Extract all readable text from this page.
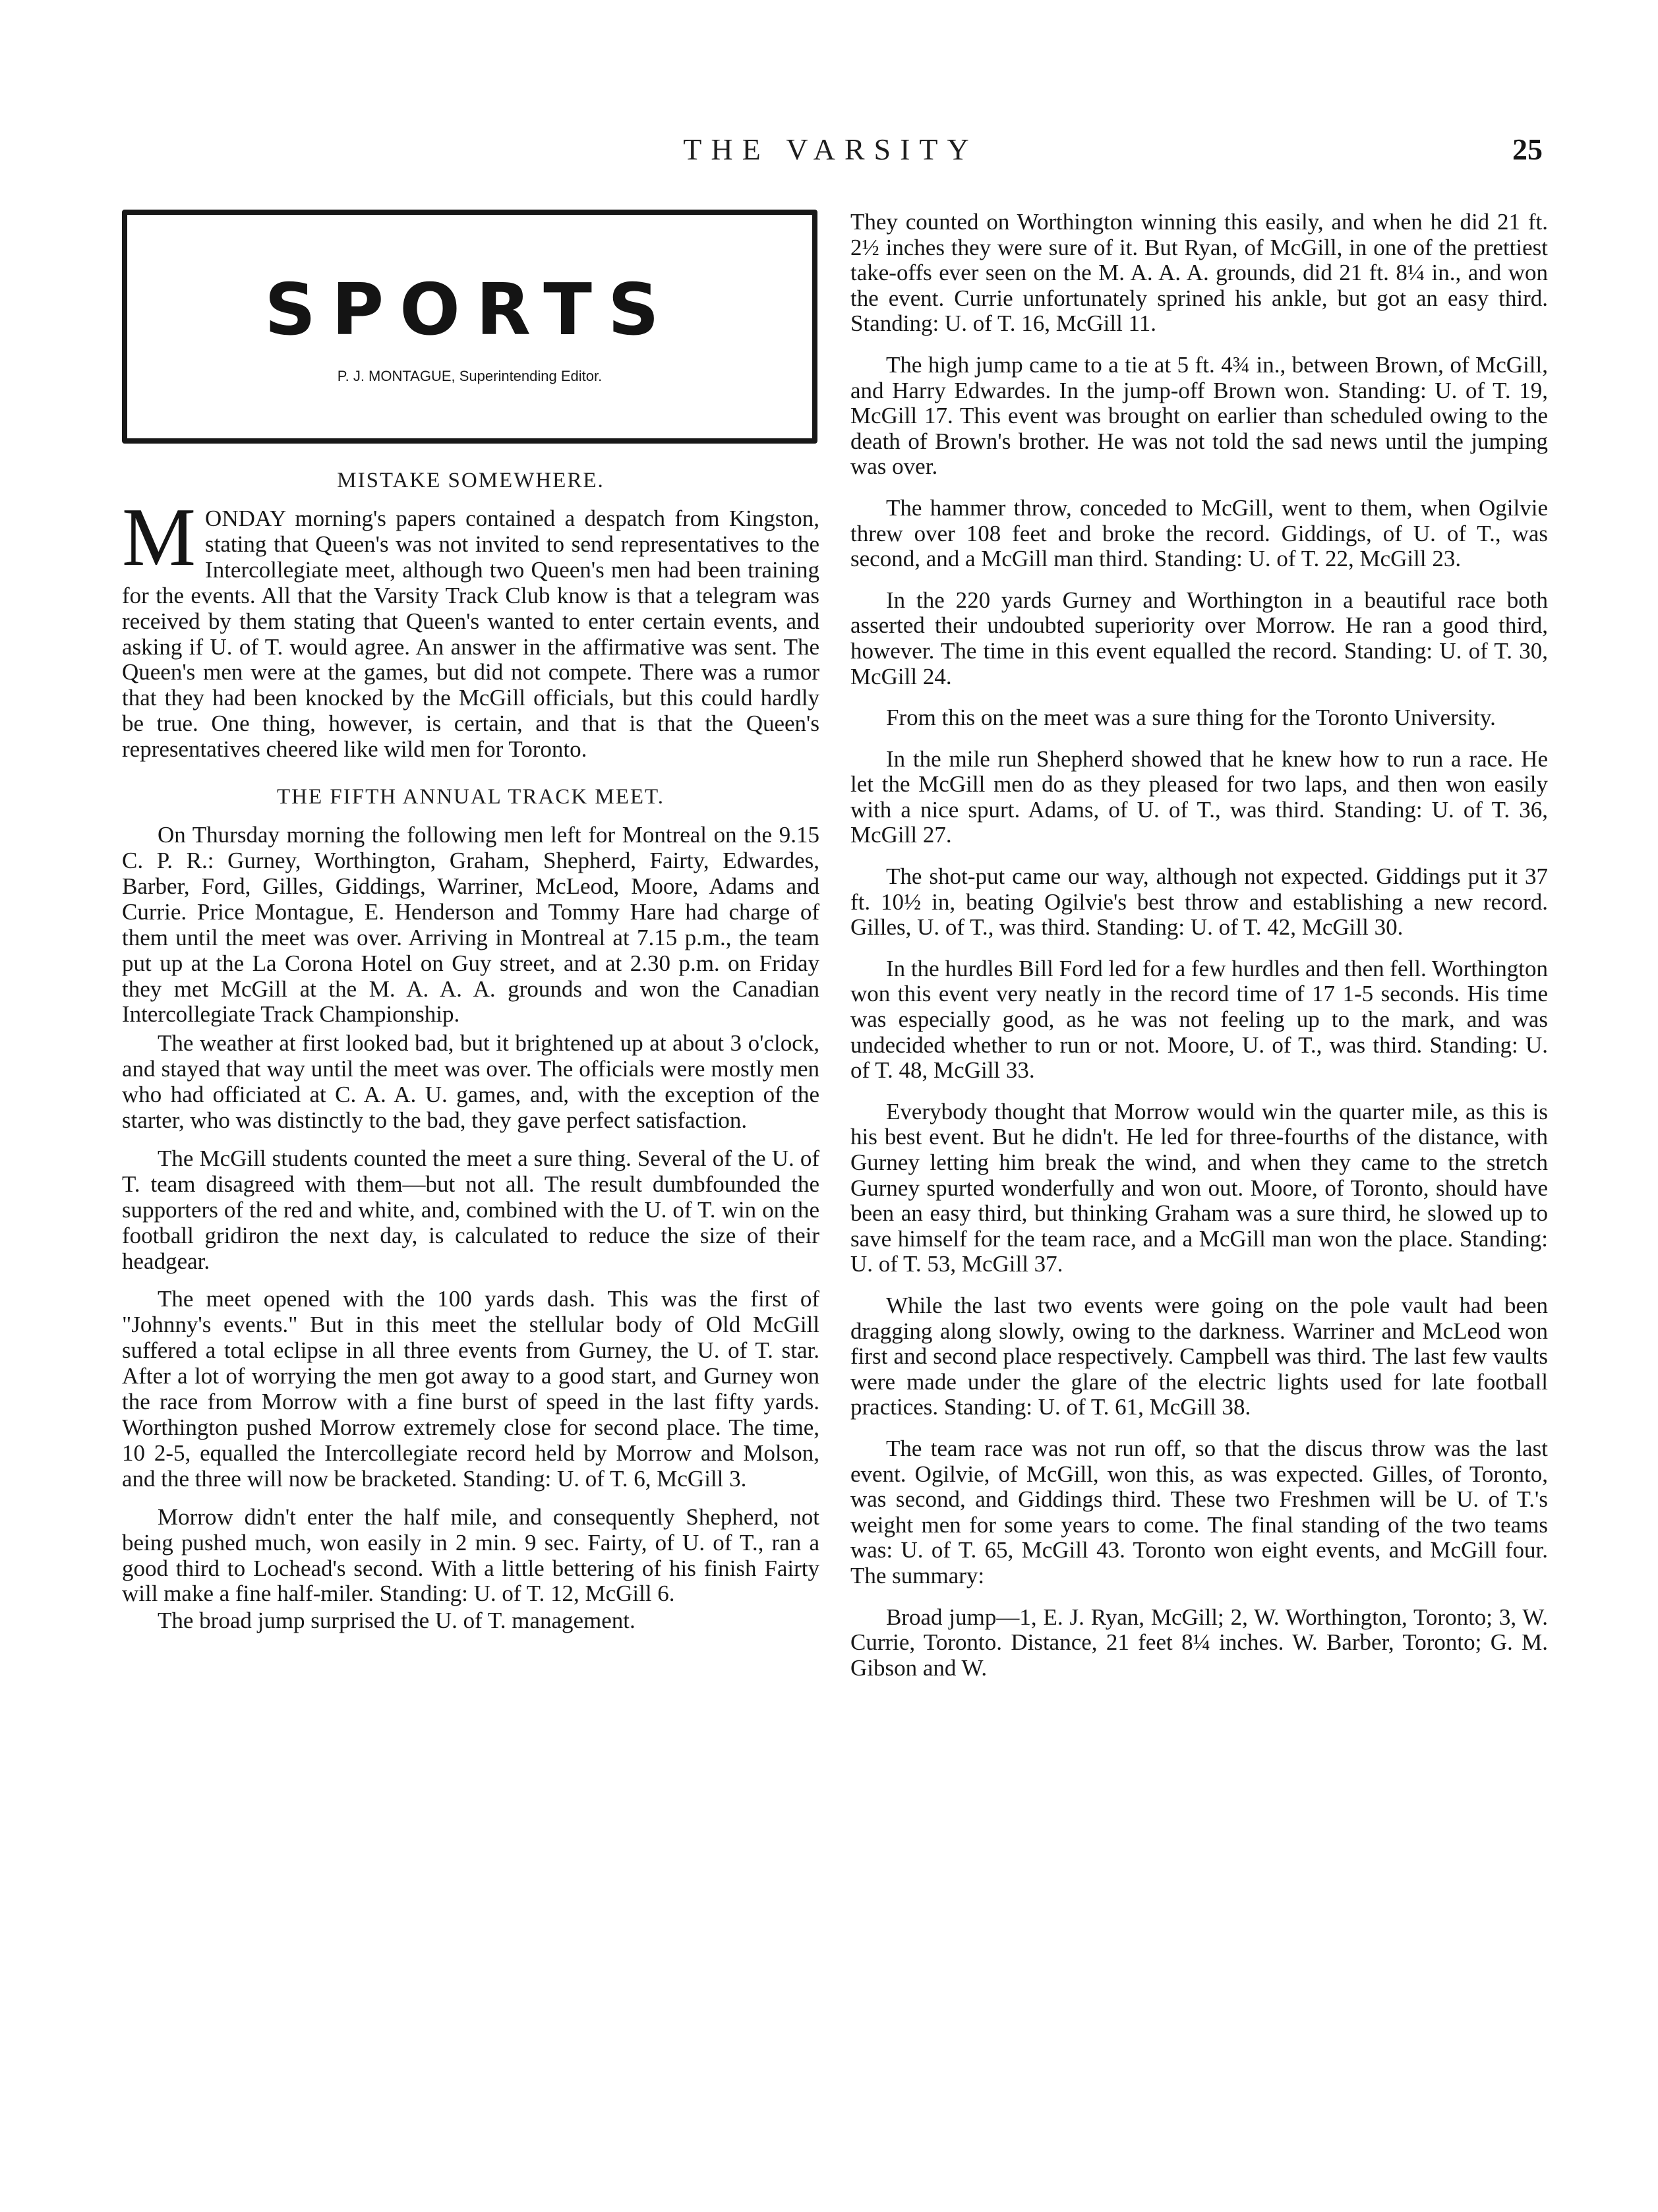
THE VARSITY	25
SPORTS
P. J. MONTAGUE, Superintending Editor.
MISTAKE SOMEWHERE.

MONDAY morning's papers contained a despatch from Kingston, stating that Queen's was not invited to send representatives to the Intercollegiate meet, although two Queen's men had been training for the events. All that the Varsity Track Club know is that a telegram was received by them stating that Queen's wanted to enter certain events, and asking if U. of T. would agree. An answer in the affirmative was sent. The Queen's men were at the games, but did not compete. There was a rumor that they had been knocked by the McGill officials, but this could hardly be true. One thing, however, is certain, and that is that the Queen's representatives cheered like wild men for Toronto.

THE FIFTH ANNUAL TRACK MEET.

On Thursday morning the following men left for Montreal on the 9.15 C. P. R.: Gurney, Worthington, Graham, Shepherd, Fairty, Edwardes, Barber, Ford, Gilles, Giddings, Warriner, McLeod, Moore, Adams and Currie. Price Montague, E. Henderson and Tommy Hare had charge of them until the meet was over. Arriving in Montreal at 7.15 p.m., the team put up at the La Corona Hotel on Guy street, and at 2.30 p.m. on Friday they met McGill at the M. A. A. A. grounds and won the Canadian Intercollegiate Track Championship.

The weather at first looked bad, but it brightened up at about 3 o'clock, and stayed that way until the meet was over. The officials were mostly men who had officiated at C. A. A. U. games, and, with the exception of the starter, who was distinctly to the bad, they gave perfect satisfaction.

The McGill students counted the meet a sure thing. Several of the U. of T. team disagreed with them—but not all. The result dumbfounded the supporters of the red and white, and, combined with the U. of T. win on the football gridiron the next day, is calculated to reduce the size of their headgear.

The meet opened with the 100 yards dash. This was the first of "Johnny's events." But in this meet the stellular body of Old McGill suffered a total eclipse in all three events from Gurney, the U. of T. star. After a lot of worrying the men got away to a good start, and Gurney won the race from Morrow with a fine burst of speed in the last fifty yards. Worthington pushed Morrow extremely close for second place. The time, 10 2-5, equalled the Intercollegiate record held by Morrow and Molson, and the three will now be bracketed. Standing: U. of T. 6, McGill 3.

Morrow didn't enter the half mile, and consequently Shepherd, not being pushed much, won easily in 2 min. 9 sec. Fairty, of U. of T., ran a good third to Lochead's second. With a little bettering of his finish Fairty will make a fine half-miler. Standing: U. of T. 12, McGill 6.

The broad jump surprised the U. of T. management.

They counted on Worthington winning this easily, and when he did 21 ft. 2½ inches they were sure of it. But Ryan, of McGill, in one of the prettiest take-offs ever seen on the M. A. A. A. grounds, did 21 ft. 8¼ in., and won the event. Currie unfortunately sprined his ankle, but got an easy third. Standing: U. of T. 16, McGill 11.

The high jump came to a tie at 5 ft. 4¾ in., between Brown, of McGill, and Harry Edwardes. In the jump-off Brown won. Standing: U. of T. 19, McGill 17. This event was brought on earlier than scheduled owing to the death of Brown's brother. He was not told the sad news until the jumping was over.

The hammer throw, conceded to McGill, went to them, when Ogilvie threw over 108 feet and broke the record. Giddings, of U. of T., was second, and a McGill man third. Standing: U. of T. 22, McGill 23.

In the 220 yards Gurney and Worthington in a beautiful race both asserted their undoubted superiority over Morrow. He ran a good third, however. The time in this event equalled the record. Standing: U. of T. 30, McGill 24.

From this on the meet was a sure thing for the Toronto University.

In the mile run Shepherd showed that he knew how to run a race. He let the McGill men do as they pleased for two laps, and then won easily with a nice spurt. Adams, of U. of T., was third. Standing: U. of T. 36, McGill 27.

The shot-put came our way, although not expected. Giddings put it 37 ft. 10½ in, beating Ogilvie's best throw and establishing a new record. Gilles, U. of T., was third. Standing: U. of T. 42, McGill 30.

In the hurdles Bill Ford led for a few hurdles and then fell. Worthington won this event very neatly in the record time of 17 1-5 seconds. His time was especially good, as he was not feeling up to the mark, and was undecided whether to run or not. Moore, U. of T., was third. Standing: U. of T. 48, McGill 33.

Everybody thought that Morrow would win the quarter mile, as this is his best event. But he didn't. He led for three-fourths of the distance, with Gurney letting him break the wind, and when they came to the stretch Gurney spurted wonderfully and won out. Moore, of Toronto, should have been an easy third, but thinking Graham was a sure third, he slowed up to save himself for the team race, and a McGill man won the place. Standing: U. of T. 53, McGill 37.

While the last two events were going on the pole vault had been dragging along slowly, owing to the darkness. Warriner and McLeod won first and second place respectively. Campbell was third. The last few vaults were made under the glare of the electric lights used for late football practices. Standing: U. of T. 61, McGill 38.

The team race was not run off, so that the discus throw was the last event. Ogilvie, of McGill, won this, as was expected. Gilles, of Toronto, was second, and Giddings third. These two Freshmen will be U. of T.'s weight men for some years to come. The final standing of the two teams was: U. of T. 65, McGill 43. Toronto won eight events, and McGill four. The summary:

Broad jump—1, E. J. Ryan, McGill; 2, W. Worthington, Toronto; 3, W. Currie, Toronto. Distance, 21 feet 8¼ inches. W. Barber, Toronto; G. M. Gibson and W.
